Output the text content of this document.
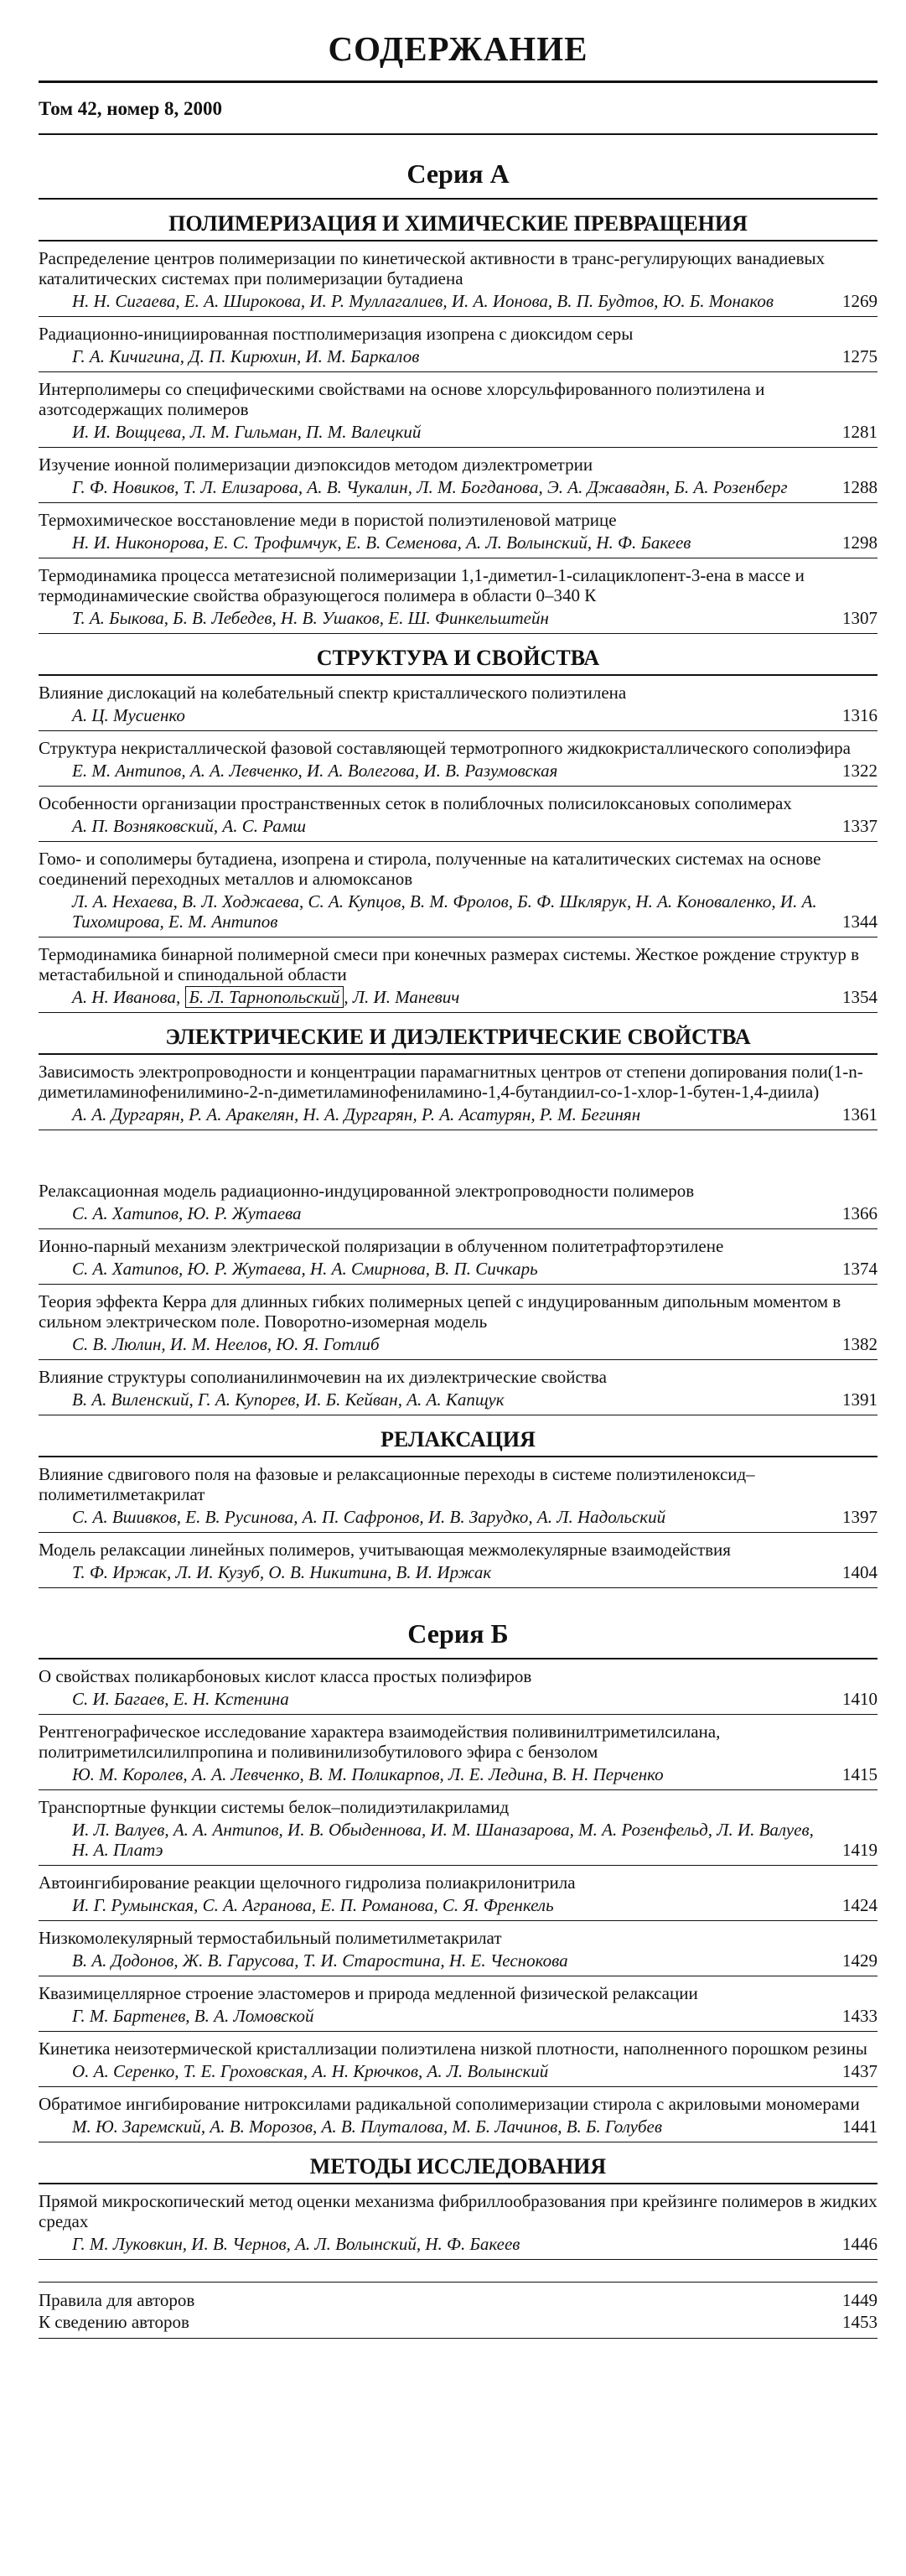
СОДЕРЖАНИЕ
Том 42, номер 8, 2000
Серия А
ПОЛИМЕРИЗАЦИЯ И ХИМИЧЕСКИЕ ПРЕВРАЩЕНИЯ
Распределение центров полимеризации по кинетической активности в транс-регулирующих ванадиевых каталитических системах при полимеризации бутадиена
Н. Н. Сигаева, Е. А. Широкова, И. Р. Муллагалиев, И. А. Ионова, В. П. Будтов, Ю. Б. Монаков	1269
Радиационно-инициированная постполимеризация изопрена с диоксидом серы
Г. А. Кичигина, Д. П. Кирюхин, И. М. Баркалов	1275
Интерполимеры со специфическими свойствами на основе хлорсульфированного полиэтилена и азотсодержащих полимеров
И. И. Вощцева, Л. М. Гильман, П. М. Валецкий	1281
Изучение ионной полимеризации диэпоксидов методом диэлектрометрии
Г. Ф. Новиков, Т. Л. Елизарова, А. В. Чукалин, Л. М. Богданова, Э. А. Джавадян, Б. А. Розенберг	1288
Термохимическое восстановление меди в пористой полиэтиленовой матрице
Н. И. Никонорова, Е. С. Трофимчук, Е. В. Семенова, А. Л. Волынский, Н. Ф. Бакеев	1298
Термодинамика процесса метатезисной полимеризации 1,1-диметил-1-силациклопент-3-ена в массе и термодинамические свойства образующегося полимера в области 0–340 К
Т. А. Быкова, Б. В. Лебедев, Н. В. Ушаков, Е. Ш. Финкельштейн	1307
СТРУКТУРА И СВОЙСТВА
Влияние дислокаций на колебательный спектр кристаллического полиэтилена
А. Ц. Мусиенко	1316
Структура некристаллической фазовой составляющей термотропного жидкокристаллического сополиэфира
Е. М. Антипов, А. А. Левченко, И. А. Волегова, И. В. Разумовская	1322
Особенности организации пространственных сеток в полиблочных полисилоксановых сополимерах
А. П. Возняковский, А. С. Рамш	1337
Гомо- и сополимеры бутадиена, изопрена и стирола, полученные на каталитических системах на основе соединений переходных металлов и алюмоксанов
Л. А. Нехаева, В. Л. Ходжаева, С. А. Купцов, В. М. Фролов, Б. Ф. Шклярук, Н. А. Коноваленко, И. А. Тихомирова, Е. М. Антипов	1344
Термодинамика бинарной полимерной смеси при конечных размерах системы. Жесткое рождение структур в метастабильной и спинодальной области
А. Н. Иванова, Б. Л. Тарнопольский , Л. И. Маневич	1354
ЭЛЕКТРИЧЕСКИЕ И ДИЭЛЕКТРИЧЕСКИЕ СВОЙСТВА
Зависимость электропроводности и концентрации парамагнитных центров от степени допирования поли(1-n-диметиламинофенилимино-2-n-диметиламинофениламино-1,4-бутандиил-со-1-хлор-1-бутен-1,4-диила)
А. А. Дургарян, Р. А. Аракелян, Н. А. Дургарян, Р. А. Асатурян, Р. М. Бегинян	1361
Релаксационная модель радиационно-индуцированной электропроводности полимеров
С. А. Хатипов, Ю. Р. Жутаева	1366
Ионно-парный механизм электрической поляризации в облученном политетрафторэтилене
С. А. Хатипов, Ю. Р. Жутаева, Н. А. Смирнова, В. П. Сичкарь	1374
Теория эффекта Керра для длинных гибких полимерных цепей с индуцированным дипольным моментом в сильном электрическом поле. Поворотно-изомерная модель
С. В. Люлин, И. М. Неелов, Ю. Я. Готлиб	1382
Влияние структуры сополианилинмочевин на их диэлектрические свойства
В. А. Виленский, Г. А. Купорев, И. Б. Кейван, А. А. Капщук	1391
РЕЛАКСАЦИЯ
Влияние сдвигового поля на фазовые и релаксационные переходы в системе полиэтиленоксид–полиметилметакрилат
С. А. Вшивков, Е. В. Русинова, А. П. Сафронов, И. В. Зарудко, А. Л. Надольский	1397
Модель релаксации линейных полимеров, учитывающая межмолекулярные взаимодействия
Т. Ф. Иржак, Л. И. Кузуб, О. В. Никитина, В. И. Иржак	1404
Серия Б
О свойствах поликарбоновых кислот класса простых полиэфиров
С. И. Багаев, Е. Н. Кстенина	1410
Рентгенографическое исследование характера взаимодействия поливинилтриметилсилана, политриметилсилилпропина и поливинилизобутилового эфира с бензолом
Ю. М. Королев, А. А. Левченко, В. М. Поликарпов, Л. Е. Ледина, В. Н. Перченко	1415
Транспортные функции системы белок–полидиэтилакриламид
И. Л. Валуев, А. А. Антипов, И. В. Обыденнова, И. М. Шаназарова, М. А. Розенфельд, Л. И. Валуев, Н. А. Платэ	1419
Автоингибирование реакции щелочного гидролиза полиакрилонитрила
И. Г. Румынская, С. А. Агранова, Е. П. Романова, С. Я. Френкель	1424
Низкомолекулярный термостабильный полиметилметакрилат
В. А. Додонов, Ж. В. Гарусова, Т. И. Старостина, Н. Е. Чеснокова	1429
Квазимицеллярное строение эластомеров и природа медленной физической релаксации
Г. М. Бартенев, В. А. Ломовской	1433
Кинетика неизотермической кристаллизации полиэтилена низкой плотности, наполненного порошком резины
О. А. Серенко, Т. Е. Гроховская, А. Н. Крючков, А. Л. Волынский	1437
Обратимое ингибирование нитроксилами радикальной сополимеризации стирола с акриловыми мономерами
М. Ю. Заремский, А. В. Морозов, А. В. Плуталова, М. Б. Лачинов, В. Б. Голубев	1441
МЕТОДЫ ИССЛЕДОВАНИЯ
Прямой микроскопический метод оценки механизма фибриллообразования при крейзинге полимеров в жидких средах
Г. М. Луковкин, И. В. Чернов, А. Л. Волынский, Н. Ф. Бакеев	1446
Правила для авторов	1449
К сведению авторов	1453
